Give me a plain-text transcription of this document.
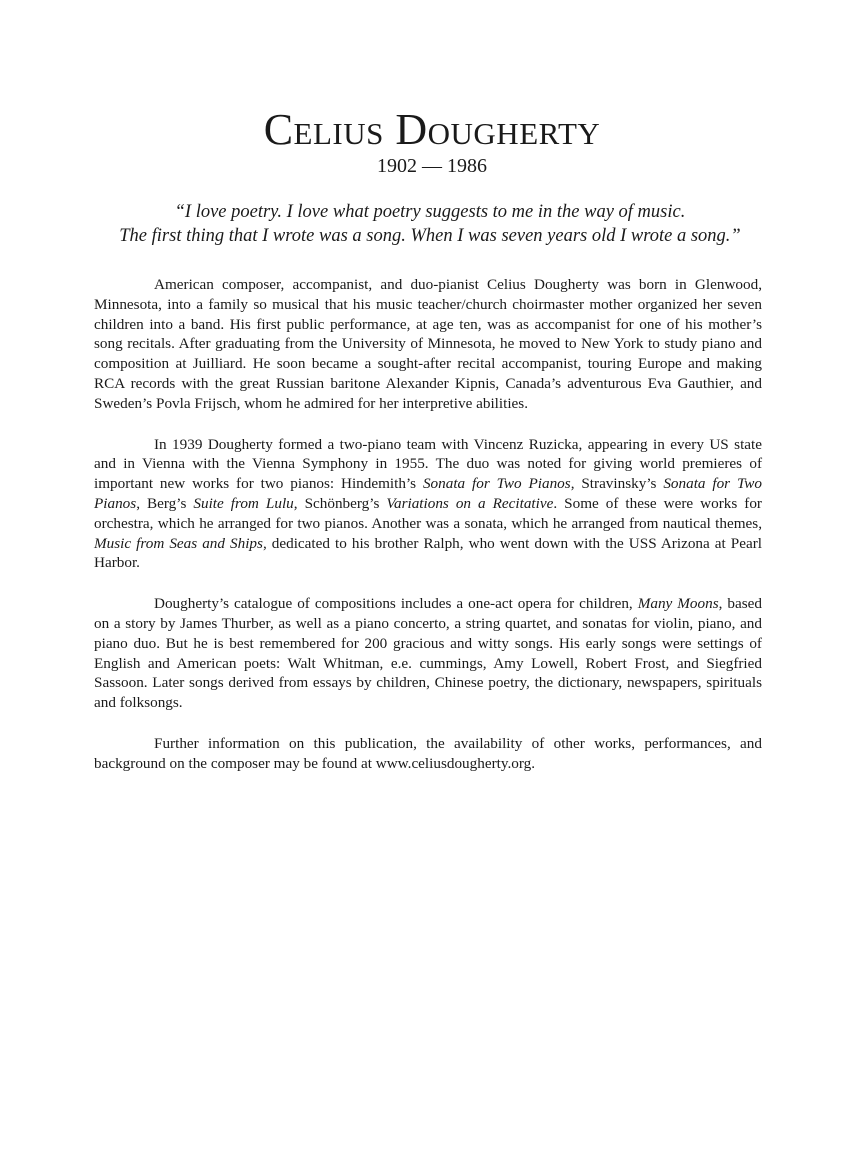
Celius Dougherty
1902 — 1986
“I love poetry. I love what poetry suggests to me in the way of music.
The first thing that I wrote was a song. When I was seven years old I wrote a song.”

American composer, accompanist, and duo-pianist Celius Dougherty was born in Glenwood, Minnesota, into a family so musical that his music teacher/church choirmaster mother organized her seven children into a band. His first public performance, at age ten, was as accompanist for one of his mother’s song recitals. After graduating from the University of Minnesota, he moved to New York to study piano and composition at Juilliard. He soon became a sought-after recital accompanist, touring Europe and making RCA records with the great Russian baritone Alexander Kipnis, Canada’s adventurous Eva Gauthier, and Sweden’s Povla Frijsch, whom he admired for her interpretive abilities.

In 1939 Dougherty formed a two-piano team with Vincenz Ruzicka, appearing in every US state and in Vienna with the Vienna Symphony in 1955. The duo was noted for giving world premieres of important new works for two pianos: Hindemith’s Sonata for Two Pianos, Stravinsky’s Sonata for Two Pianos, Berg’s Suite from Lulu, Schönberg’s Variations on a Recitative. Some of these were works for orchestra, which he arranged for two pianos. Another was a sonata, which he arranged from nautical themes, Music from Seas and Ships, dedicated to his brother Ralph, who went down with the USS Arizona at Pearl Harbor.

Dougherty’s catalogue of compositions includes a one-act opera for children, Many Moons, based on a story by James Thurber, as well as a piano concerto, a string quartet, and sonatas for violin, piano, and piano duo. But he is best remembered for 200 gracious and witty songs. His early songs were settings of English and American poets: Walt Whitman, e.e. cummings, Amy Lowell, Robert Frost, and Siegfried Sassoon. Later songs derived from essays by children, Chinese poetry, the dictionary, newspapers, spirituals and folksongs.

Further information on this publication, the availability of other works, performances, and background on the composer may be found at www.celiusdougherty.org.
